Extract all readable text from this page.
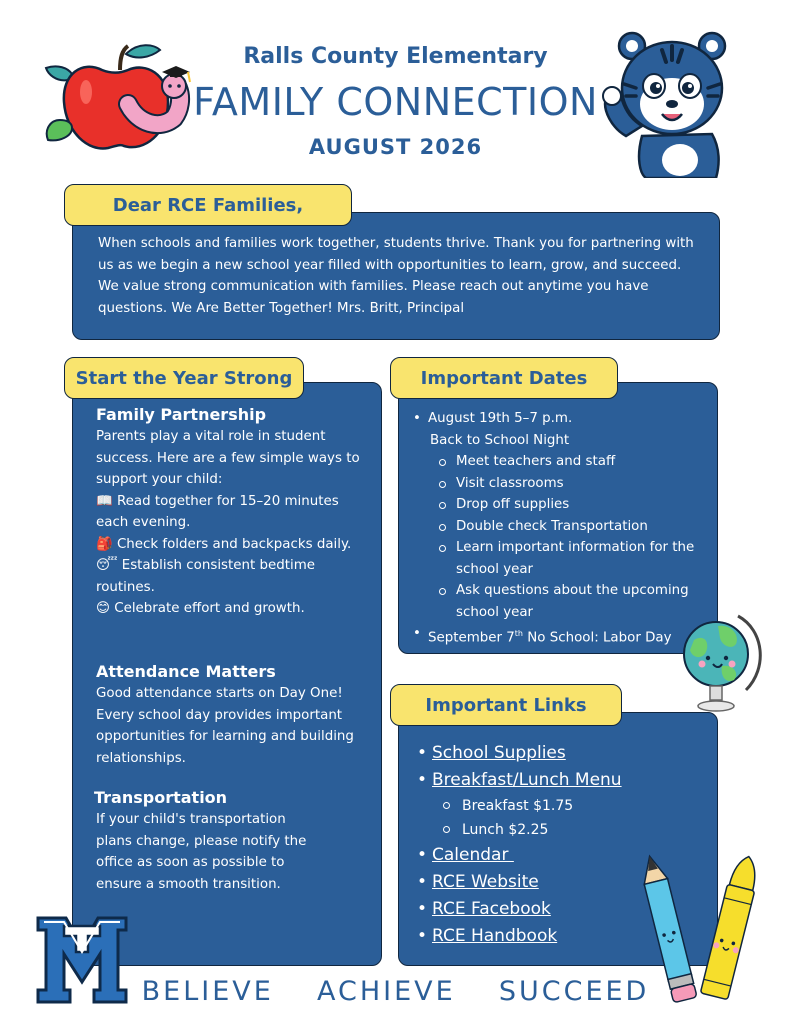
Ralls County Elementary
FAMILY CONNECTION
AUGUST 2026
When schools and families work together, students thrive. Thank you for partnering with us as we begin a new school year filled with opportunities to learn, grow, and succeed. We value strong communication with families. Please reach out anytime you have questions. We Are Better Together! Mrs. Britt, Principal
Dear RCE Families,
Start the Year Strong
Family Partnership
Parents play a vital role in student success. Here are a few simple ways to support your child:
📖 Read together for 15–20 minutes each evening.
🎒 Check folders and backpacks daily.
😴 Establish consistent bedtime routines.
😊 Celebrate effort and growth.
Attendance Matters
Good attendance starts on Day One! Every school day provides important opportunities for learning and building relationships.
Transportation
If your child's transportation plans change, please notify the office as soon as possible to ensure a smooth transition.
Important Dates
• August 19th 5–7 p.m.
Back to School Night
Meet teachers and staff
Visit classrooms
Drop off supplies
Double check Transportation
Learn important information for the school year
Ask questions about the upcoming school year
• September 7th No School: Labor Day
Important Links
• School Supplies
• Breakfast/Lunch Menu
Breakfast $1.75
Lunch $2.25
• Calendar
• RCE Website
• RCE Facebook
• RCE Handbook
BELIEVE  ACHIEVE  SUCCEED
